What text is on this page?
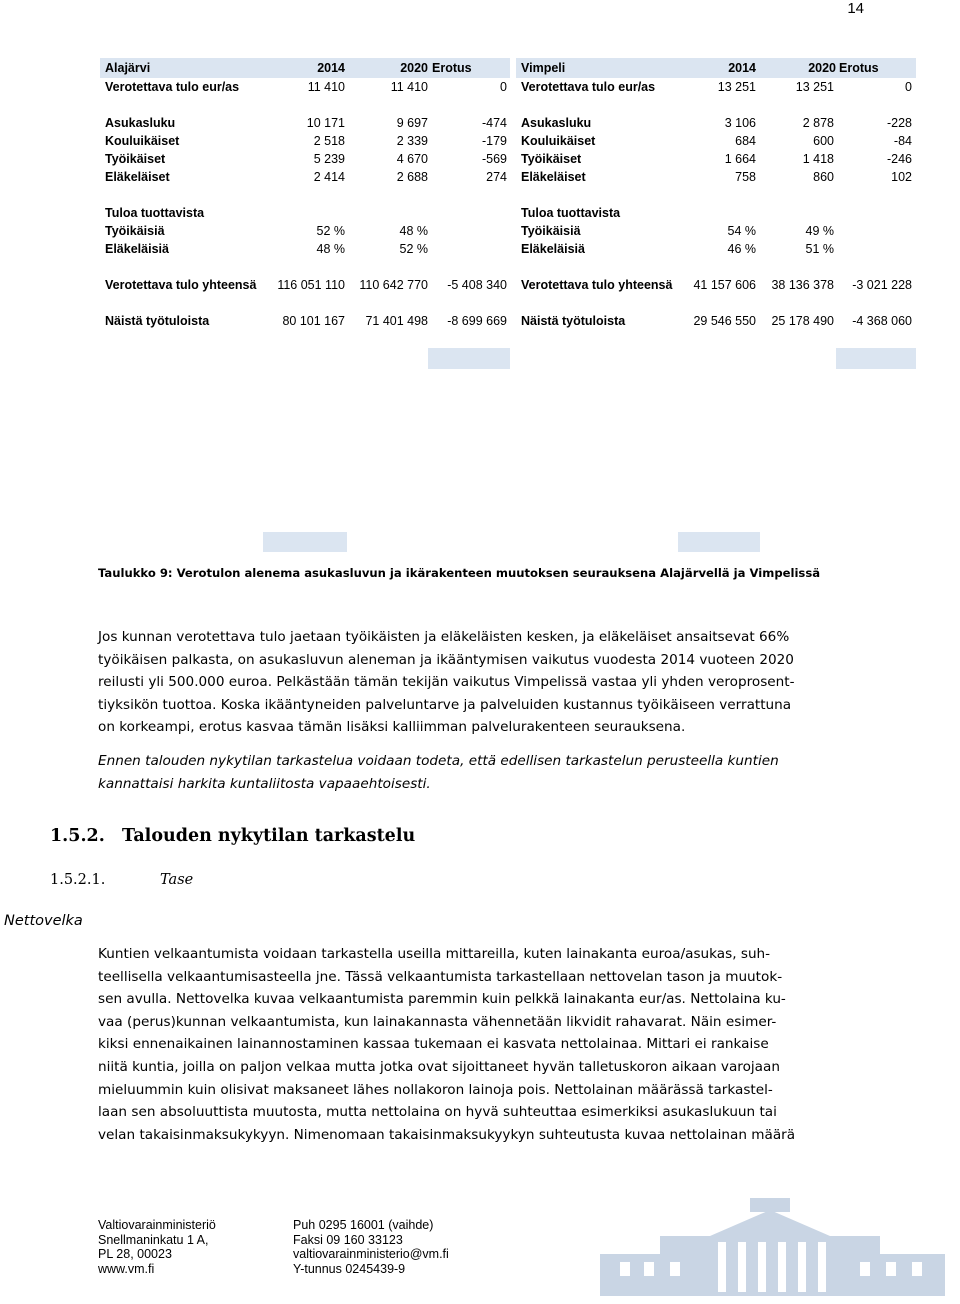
14
Alajärvi	2014	2020 Erotus
Verotettava tulo eur/as	11 410	11 410	0
Asukasluku	10 171	9 697	-474
Kouluikäiset	2 518	2 339	-179
Työikäiset	5 239	4 670	-569
Eläkeläiset	2 414	2 688	274
Tuloa tuottavista
Työikäisiä	52 %	48 %
Eläkeläisiä	48 %	52 %
Verotettava tulo yhteensä	116 051 110	110 642 770	-5 408 340
Näistä työtuloista	80 101 167	71 401 498	-8 699 669
Vimpeli	2014	2020 Erotus
Verotettava tulo eur/as	13 251	13 251	0
Asukasluku	3 106	2 878	-228
Kouluikäiset	684	600	-84
Työikäiset	1 664	1 418	-246
Eläkeläiset	758	860	102
Tuloa tuottavista
Työikäisiä	54 %	49 %
Eläkeläisiä	46 %	51 %
Verotettava tulo yhteensä	41 157 606	38 136 378	-3 021 228
Näistä työtuloista	29 546 550	25 178 490	-4 368 060
Taulukko 9: Verotulon alenema asukasluvun ja ikärakenteen muutoksen seurauksena Alajärvellä ja Vimpelissä
Jos kunnan verotettava tulo jaetaan työikäisten ja eläkeläisten kesken, ja eläkeläiset ansaitsevat 66%
työikäisen palkasta, on asukasluvun aleneman ja ikääntymisen vaikutus vuodesta 2014 vuoteen 2020
reilusti yli 500.000 euroa. Pelkästään tämän tekijän vaikutus Vimpelissä vastaa yli yhden veroprosent-
tiyksikön tuottoa. Koska ikääntyneiden palveluntarve ja palveluiden kustannus työikäiseen verrattuna
on korkeampi, erotus kasvaa tämän lisäksi kalliimman palvelurakenteen seurauksena.
Ennen talouden nykytilan tarkastelua voidaan todeta, että edellisen tarkastelun perusteella kuntien
kannattaisi harkita kuntaliitosta vapaaehtoisesti.
1.5.2. Talouden nykytilan tarkastelu
1.5.2.1.	Tase
Nettovelka
Kuntien velkaantumista voidaan tarkastella useilla mittareilla, kuten lainakanta euroa/asukas, suh-
teellisella velkaantumisasteella jne. Tässä velkaantumista tarkastellaan nettovelan tason ja muutok-
sen avulla. Nettovelka kuvaa velkaantumista paremmin kuin pelkkä lainakanta eur/as. Nettolaina ku-
vaa (perus)kunnan velkaantumista, kun lainakannasta vähennetään likvidit rahavarat. Näin esimer-
kiksi ennenaikainen lainannostaminen kassaa tukemaan ei kasvata nettolainaa. Mittari ei rankaise
niitä kuntia, joilla on paljon velkaa mutta jotka ovat sijoittaneet hyvän talletuskoron aikaan varojaan
mieluummin kuin olisivat maksaneet lähes nollakoron lainoja pois. Nettolainan määrässä tarkastel-
laan sen absoluuttista muutosta, mutta nettolaina on hyvä suhteuttaa esimerkiksi asukaslukuun tai
velan takaisinmaksukykyyn. Nimenomaan takaisinmaksukyykyn suhteutusta kuvaa nettolainan määrä
Valtiovarainministeriö
Snellmaninkatu 1 A,
PL 28, 00023
www.vm.fi
Puh 0295 16001 (vaihde)
Faksi 09 160 33123
valtiovarainministerio@vm.fi
Y-tunnus 0245439-9
